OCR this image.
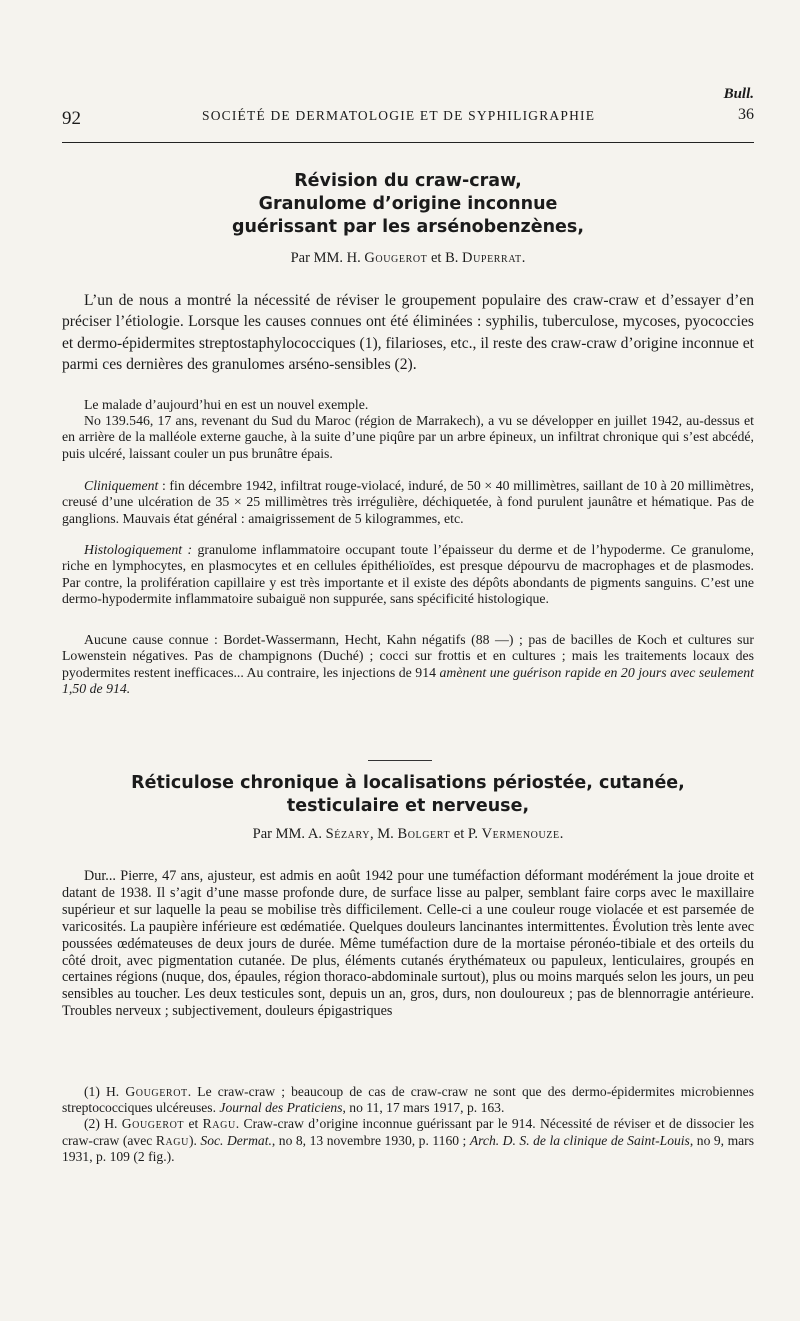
Bull.
92	SOCIÉTÉ DE DERMATOLOGIE ET DE SYPHILIGRAPHIE	36
Révision du craw-craw,
Granulome d’origine inconnue
guérissant par les arsénobenzènes,
Par MM. H. Gougerot et B. Duperrat.

L’un de nous a montré la nécessité de réviser le groupement populaire des craw-craw et d’essayer d’en préciser l’étiologie. Lorsque les causes connues ont été éliminées : syphilis, tuberculose, mycoses, pyococcies et dermo-épidermites streptostaphylococciques (1), filarioses, etc., il reste des craw-craw d’origine inconnue et parmi ces dernières des granulomes arséno-sensibles (2).

Le malade d’aujourd’hui en est un nouvel exemple.

No 139.546, 17 ans, revenant du Sud du Maroc (région de Marrakech), a vu se développer en juillet 1942, au-dessus et en arrière de la malléole externe gauche, à la suite d’une piqûre par un arbre épineux, un infiltrat chronique qui s’est abcédé, puis ulcéré, laissant couler un pus brunâtre épais.

Cliniquement : fin décembre 1942, infiltrat rouge-violacé, induré, de 50 × 40 millimètres, saillant de 10 à 20 millimètres, creusé d’une ulcération de 35 × 25 millimètres très irrégulière, déchiquetée, à fond purulent jaunâtre et hématique. Pas de ganglions. Mauvais état général : amaigrissement de 5 kilogrammes, etc.

Histologiquement : granulome inflammatoire occupant toute l’épaisseur du derme et de l’hypoderme. Ce granulome, riche en lymphocytes, en plasmocytes et en cellules épithélioïdes, est presque dépourvu de macrophages et de plasmodes. Par contre, la prolifération capillaire y est très importante et il existe des dépôts abondants de pigments sanguins. C’est une dermo-hypodermite inflammatoire subaiguë non suppurée, sans spécificité histologique.

Aucune cause connue : Bordet-Wassermann, Hecht, Kahn négatifs (88 —) ; pas de bacilles de Koch et cultures sur Lowenstein négatives. Pas de champignons (Duché) ; cocci sur frottis et en cultures ; mais les traitements locaux des pyodermites restent inefficaces... Au contraire, les injections de 914 amènent une guérison rapide en 20 jours avec seulement 1,50 de 914.

Réticulose chronique à localisations périostée, cutanée,
testiculaire et nerveuse,
Par MM. A. Sézary, M. Bolgert et P. Vermenouze.

Dur... Pierre, 47 ans, ajusteur, est admis en août 1942 pour une tuméfaction déformant modérément la joue droite et datant de 1938. Il s’agit d’une masse profonde dure, de surface lisse au palper, semblant faire corps avec le maxillaire supérieur et sur laquelle la peau se mobilise très difficilement. Celle-ci a une couleur rouge violacée et est parsemée de varicosités. La paupière inférieure est œdématiée. Quelques douleurs lancinantes intermittentes. Évolution très lente avec poussées œdémateuses de deux jours de durée. Même tuméfaction dure de la mortaise péronéo-tibiale et des orteils du côté droit, avec pigmentation cutanée. De plus, éléments cutanés érythémateux ou papuleux, lenticulaires, groupés en certaines régions (nuque, dos, épaules, région thoraco-abdominale surtout), plus ou moins marqués selon les jours, un peu sensibles au toucher. Les deux testicules sont, depuis un an, gros, durs, non douloureux ; pas de blennorragie antérieure. Troubles nerveux ; subjectivement, douleurs épigastriques

(1) H. Gougerot. Le craw-craw ; beaucoup de cas de craw-craw ne sont que des dermo-épidermites microbiennes streptococciques ulcéreuses. Journal des Praticiens, no 11, 17 mars 1917, p. 163.

(2) H. Gougerot et Ragu. Craw-craw d’origine inconnue guérissant par le 914. Nécessité de réviser et de dissocier les craw-craw (avec Ragu). Soc. Dermat., no 8, 13 novembre 1930, p. 1160 ; Arch. D. S. de la clinique de Saint-Louis, no 9, mars 1931, p. 109 (2 fig.).
